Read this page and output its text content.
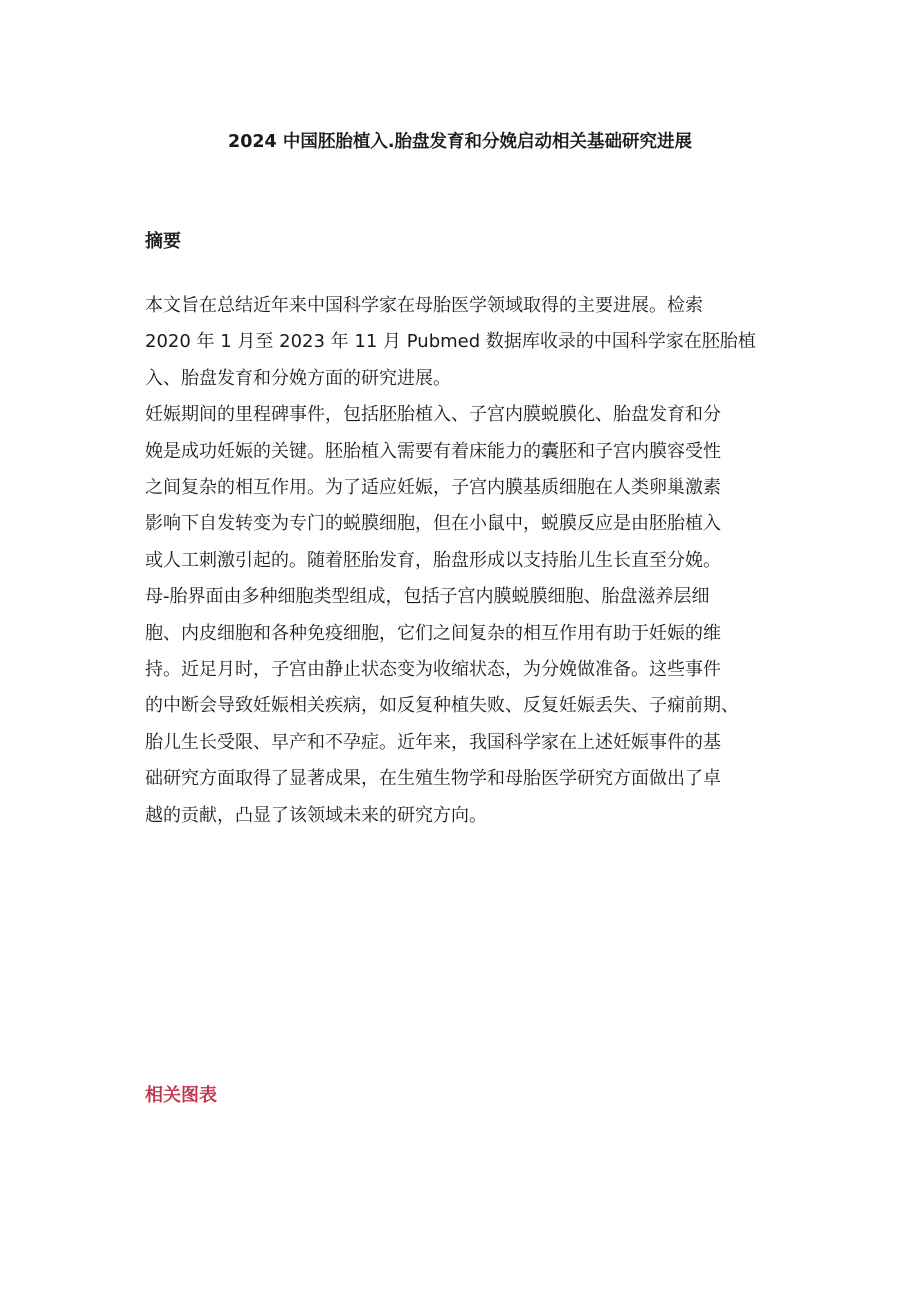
2024 中国胚胎植入.胎盘发育和分娩启动相关基础研究进展
摘要

本文旨在总结近年来中国科学家在母胎医学领域取得的主要进展。检索
2020 年 1 月至 2023 年 11 月 Pubmed 数据库收录的中国科学家在胚胎植
入、胎盘发育和分娩方面的研究进展。

妊娠期间的里程碑事件，包括胚胎植入、子宫内膜蜕膜化、胎盘发育和分
娩是成功妊娠的关键。胚胎植入需要有着床能力的囊胚和子宫内膜容受性
之间复杂的相互作用。为了适应妊娠，子宫内膜基质细胞在人类卵巢激素
影响下自发转变为专门的蜕膜细胞，但在小鼠中，蜕膜反应是由胚胎植入
或人工刺激引起的。随着胚胎发育，胎盘形成以支持胎儿生长直至分娩。
母-胎界面由多种细胞类型组成，包括子宫内膜蜕膜细胞、胎盘滋养层细
胞、内皮细胞和各种免疫细胞，它们之间复杂的相互作用有助于妊娠的维
持。近足月时，子宫由静止状态变为收缩状态，为分娩做准备。这些事件
的中断会导致妊娠相关疾病，如反复种植失败、反复妊娠丢失、子痫前期、
胎儿生长受限、早产和不孕症。近年来，我国科学家在上述妊娠事件的基
础研究方面取得了显著成果，在生殖生物学和母胎医学研究方面做出了卓
越的贡献，凸显了该领域未来的研究方向。

相关图表
